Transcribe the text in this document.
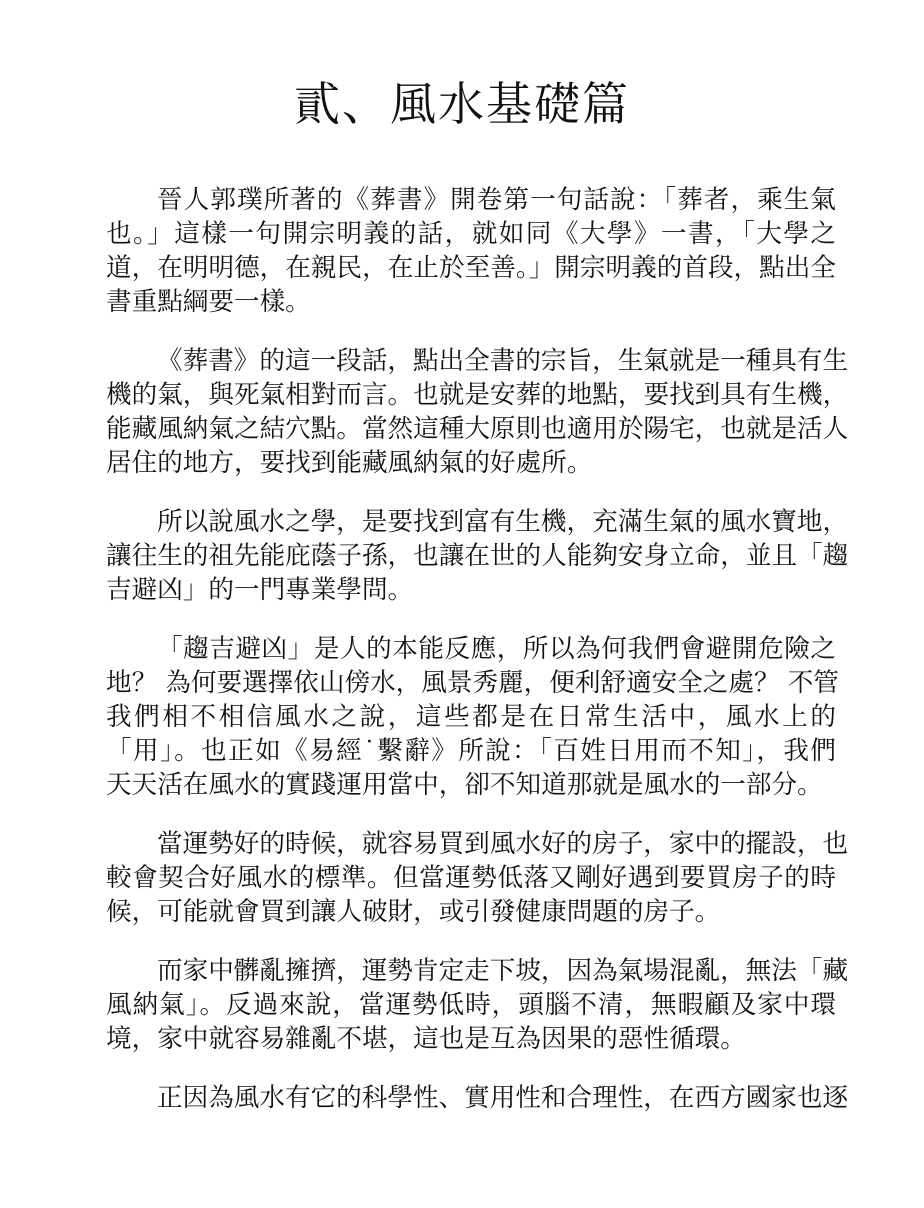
貳、風水基礎篇
晉人郭璞所著的《葬書》開卷第一句話說：「葬者，乘生氣
也。」這樣一句開宗明義的話，就如同《大學》一書，「大學之
道，在明明德，在親民，在止於至善。」開宗明義的首段，點出全
書重點綱要一樣。
《葬書》的這一段話，點出全書的宗旨，生氣就是一種具有生
機的氣，與死氣相對而言。也就是安葬的地點，要找到具有生機，
能藏風納氣之結穴點。當然這種大原則也適用於陽宅，也就是活人
居住的地方，要找到能藏風納氣的好處所。
所以說風水之學，是要找到富有生機，充滿生氣的風水寶地，
讓往生的祖先能庇蔭子孫，也讓在世的人能夠安身立命，並且「趨
吉避凶」的一門專業學問。
「趨吉避凶」是人的本能反應，所以為何我們會避開危險之
地？ 為何要選擇依山傍水，風景秀麗，便利舒適安全之處？ 不管
我們相不相信風水之說，這些都是在日常生活中，風水上的
「用」。也正如《易經˙繫辭》所說：「百姓日用而不知」，我們
天天活在風水的實踐運用當中，卻不知道那就是風水的一部分。
當運勢好的時候，就容易買到風水好的房子，家中的擺設，也
較會契合好風水的標準。但當運勢低落又剛好遇到要買房子的時
候，可能就會買到讓人破財，或引發健康問題的房子。
而家中髒亂擁擠，運勢肯定走下坡，因為氣場混亂，無法「藏
風納氣」。反過來說，當運勢低時，頭腦不清，無暇顧及家中環
境，家中就容易雜亂不堪，這也是互為因果的惡性循環。
正因為風水有它的科學性、實用性和合理性，在西方國家也逐
